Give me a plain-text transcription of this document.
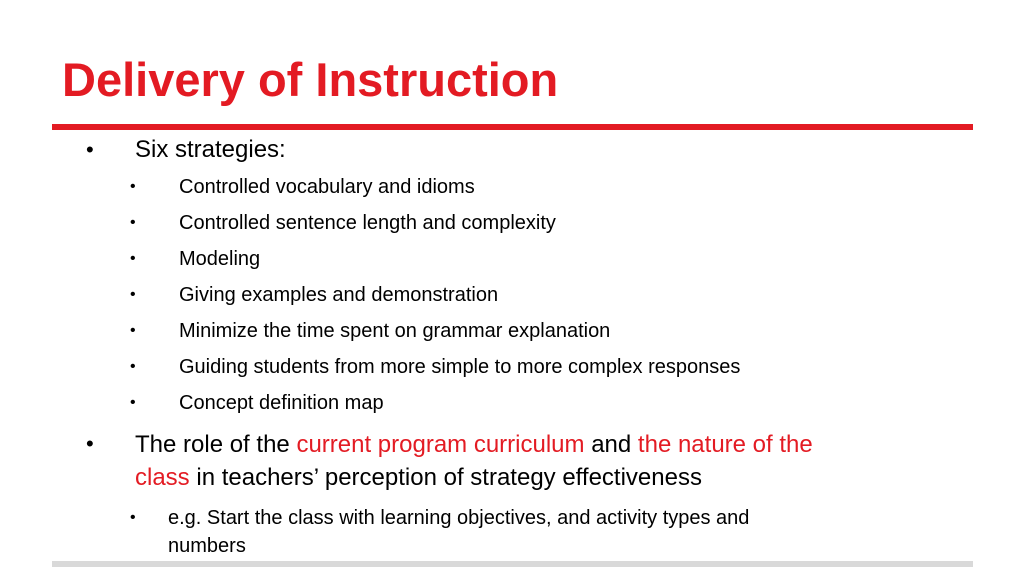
Delivery of Instruction
• Six strategies:
• Controlled vocabulary and idioms
• Controlled sentence length and complexity
• Modeling
• Giving examples and demonstration
• Minimize the time spent on grammar explanation
• Guiding students from more simple to more complex responses
• Concept definition map
• The role of the current program curriculum and the nature of the
class in teachers’ perception of strategy effectiveness
• e.g. Start the class with learning objectives, and activity types and
numbers
